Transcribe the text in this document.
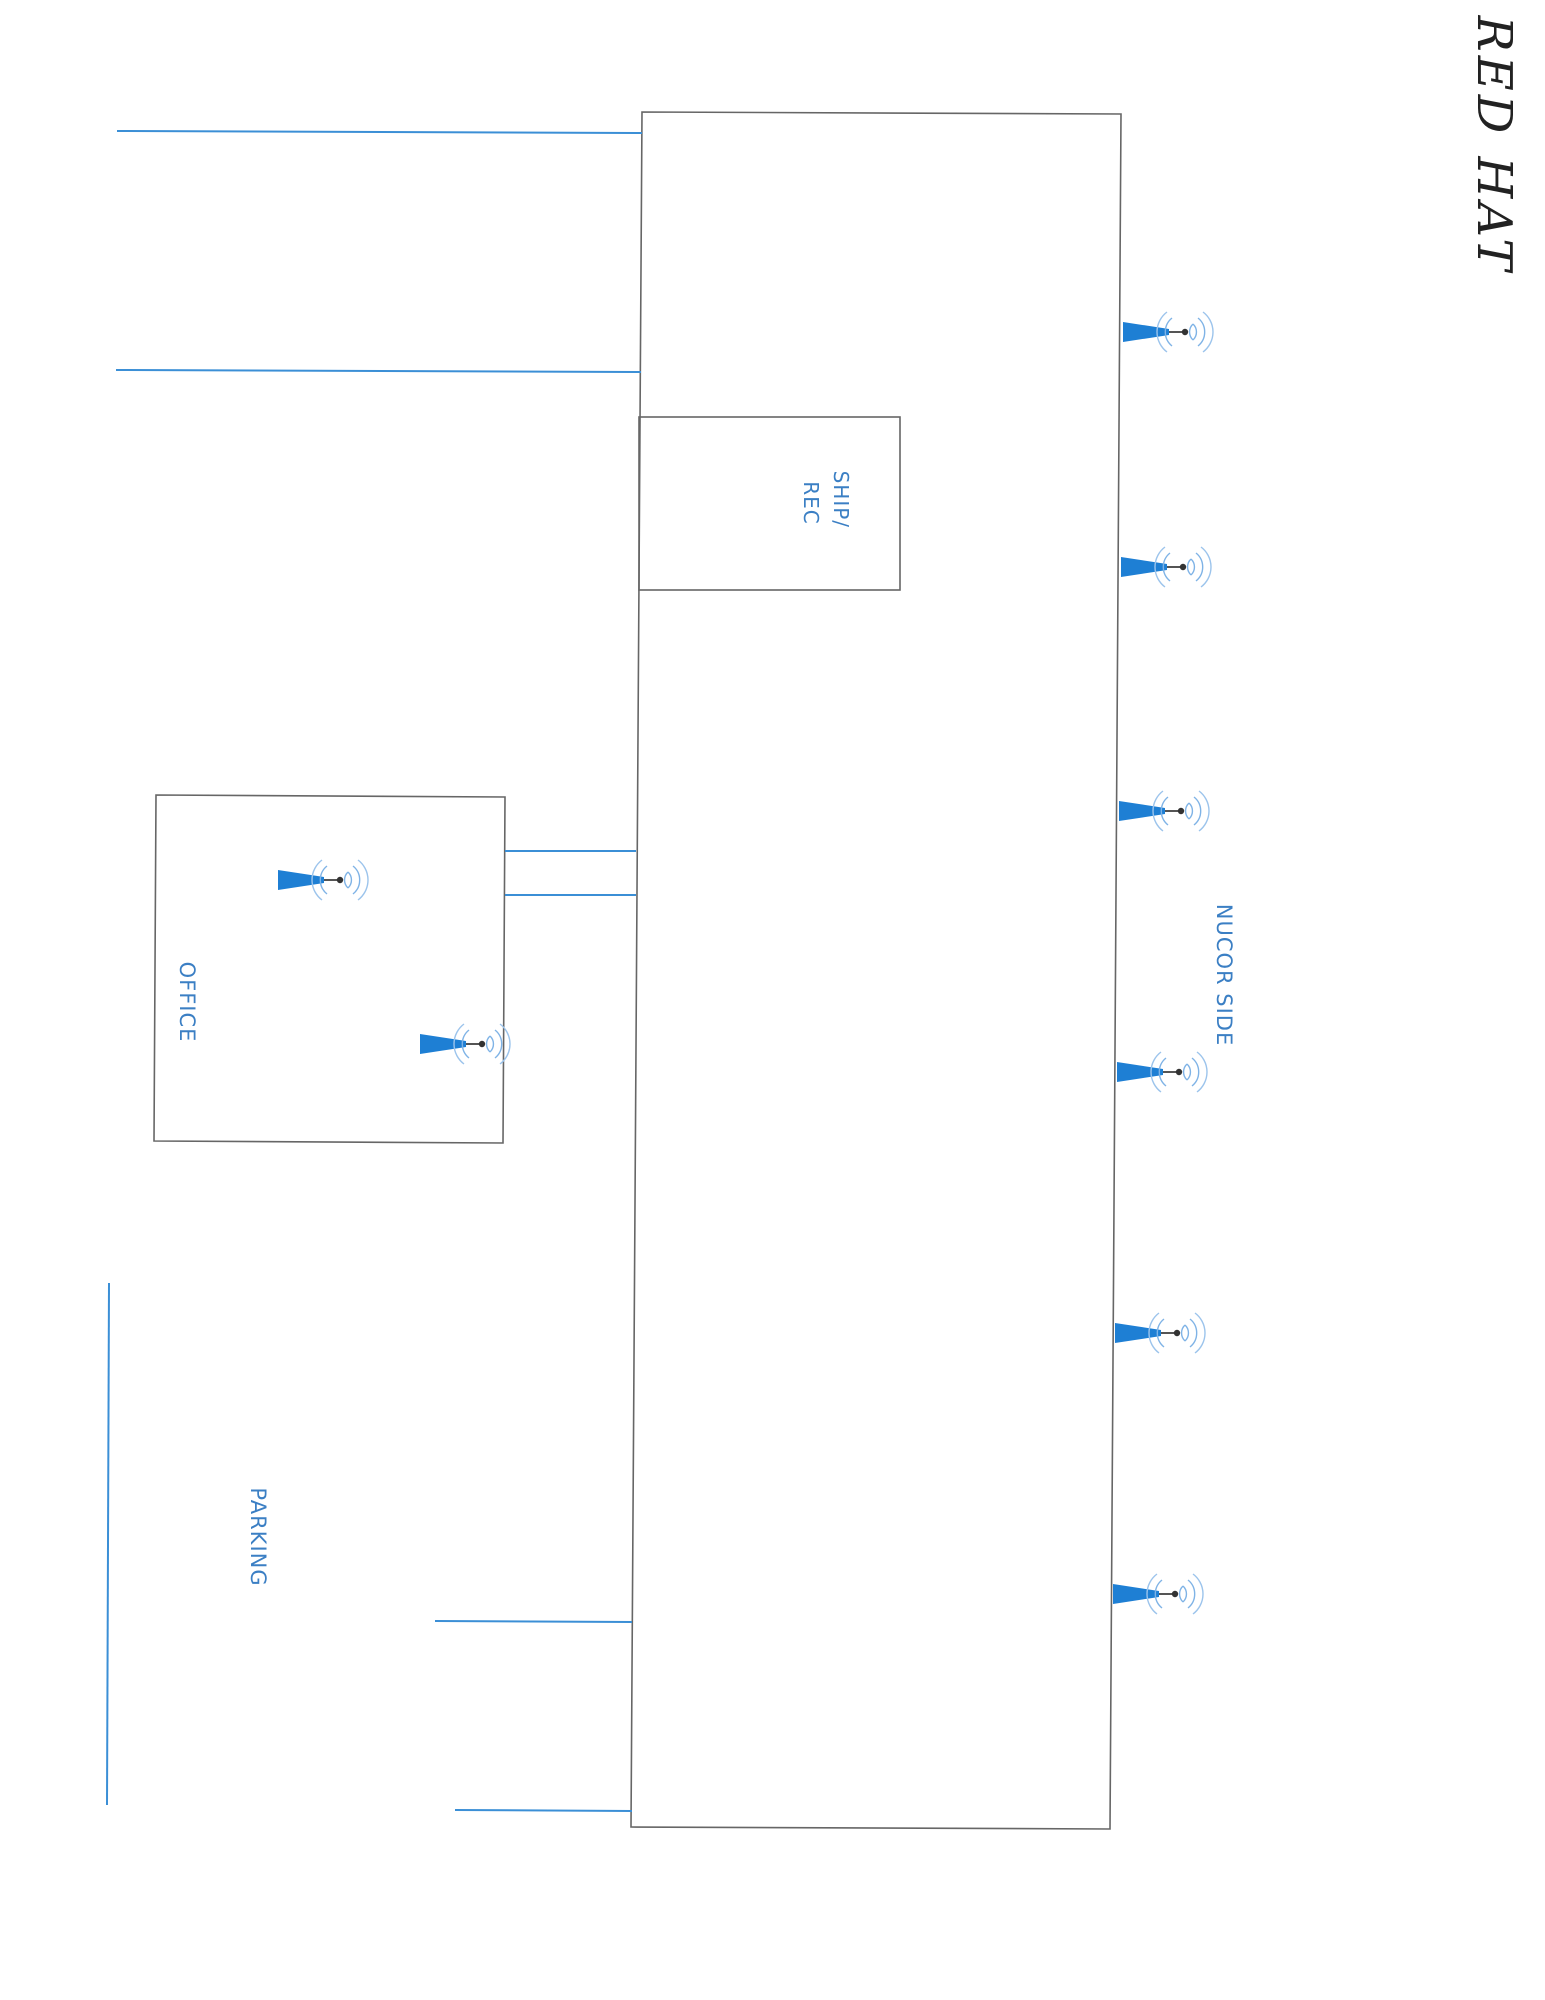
SHIP/ REC
OFFICE	NUCOR SIDE
PARKING
RED HAT
